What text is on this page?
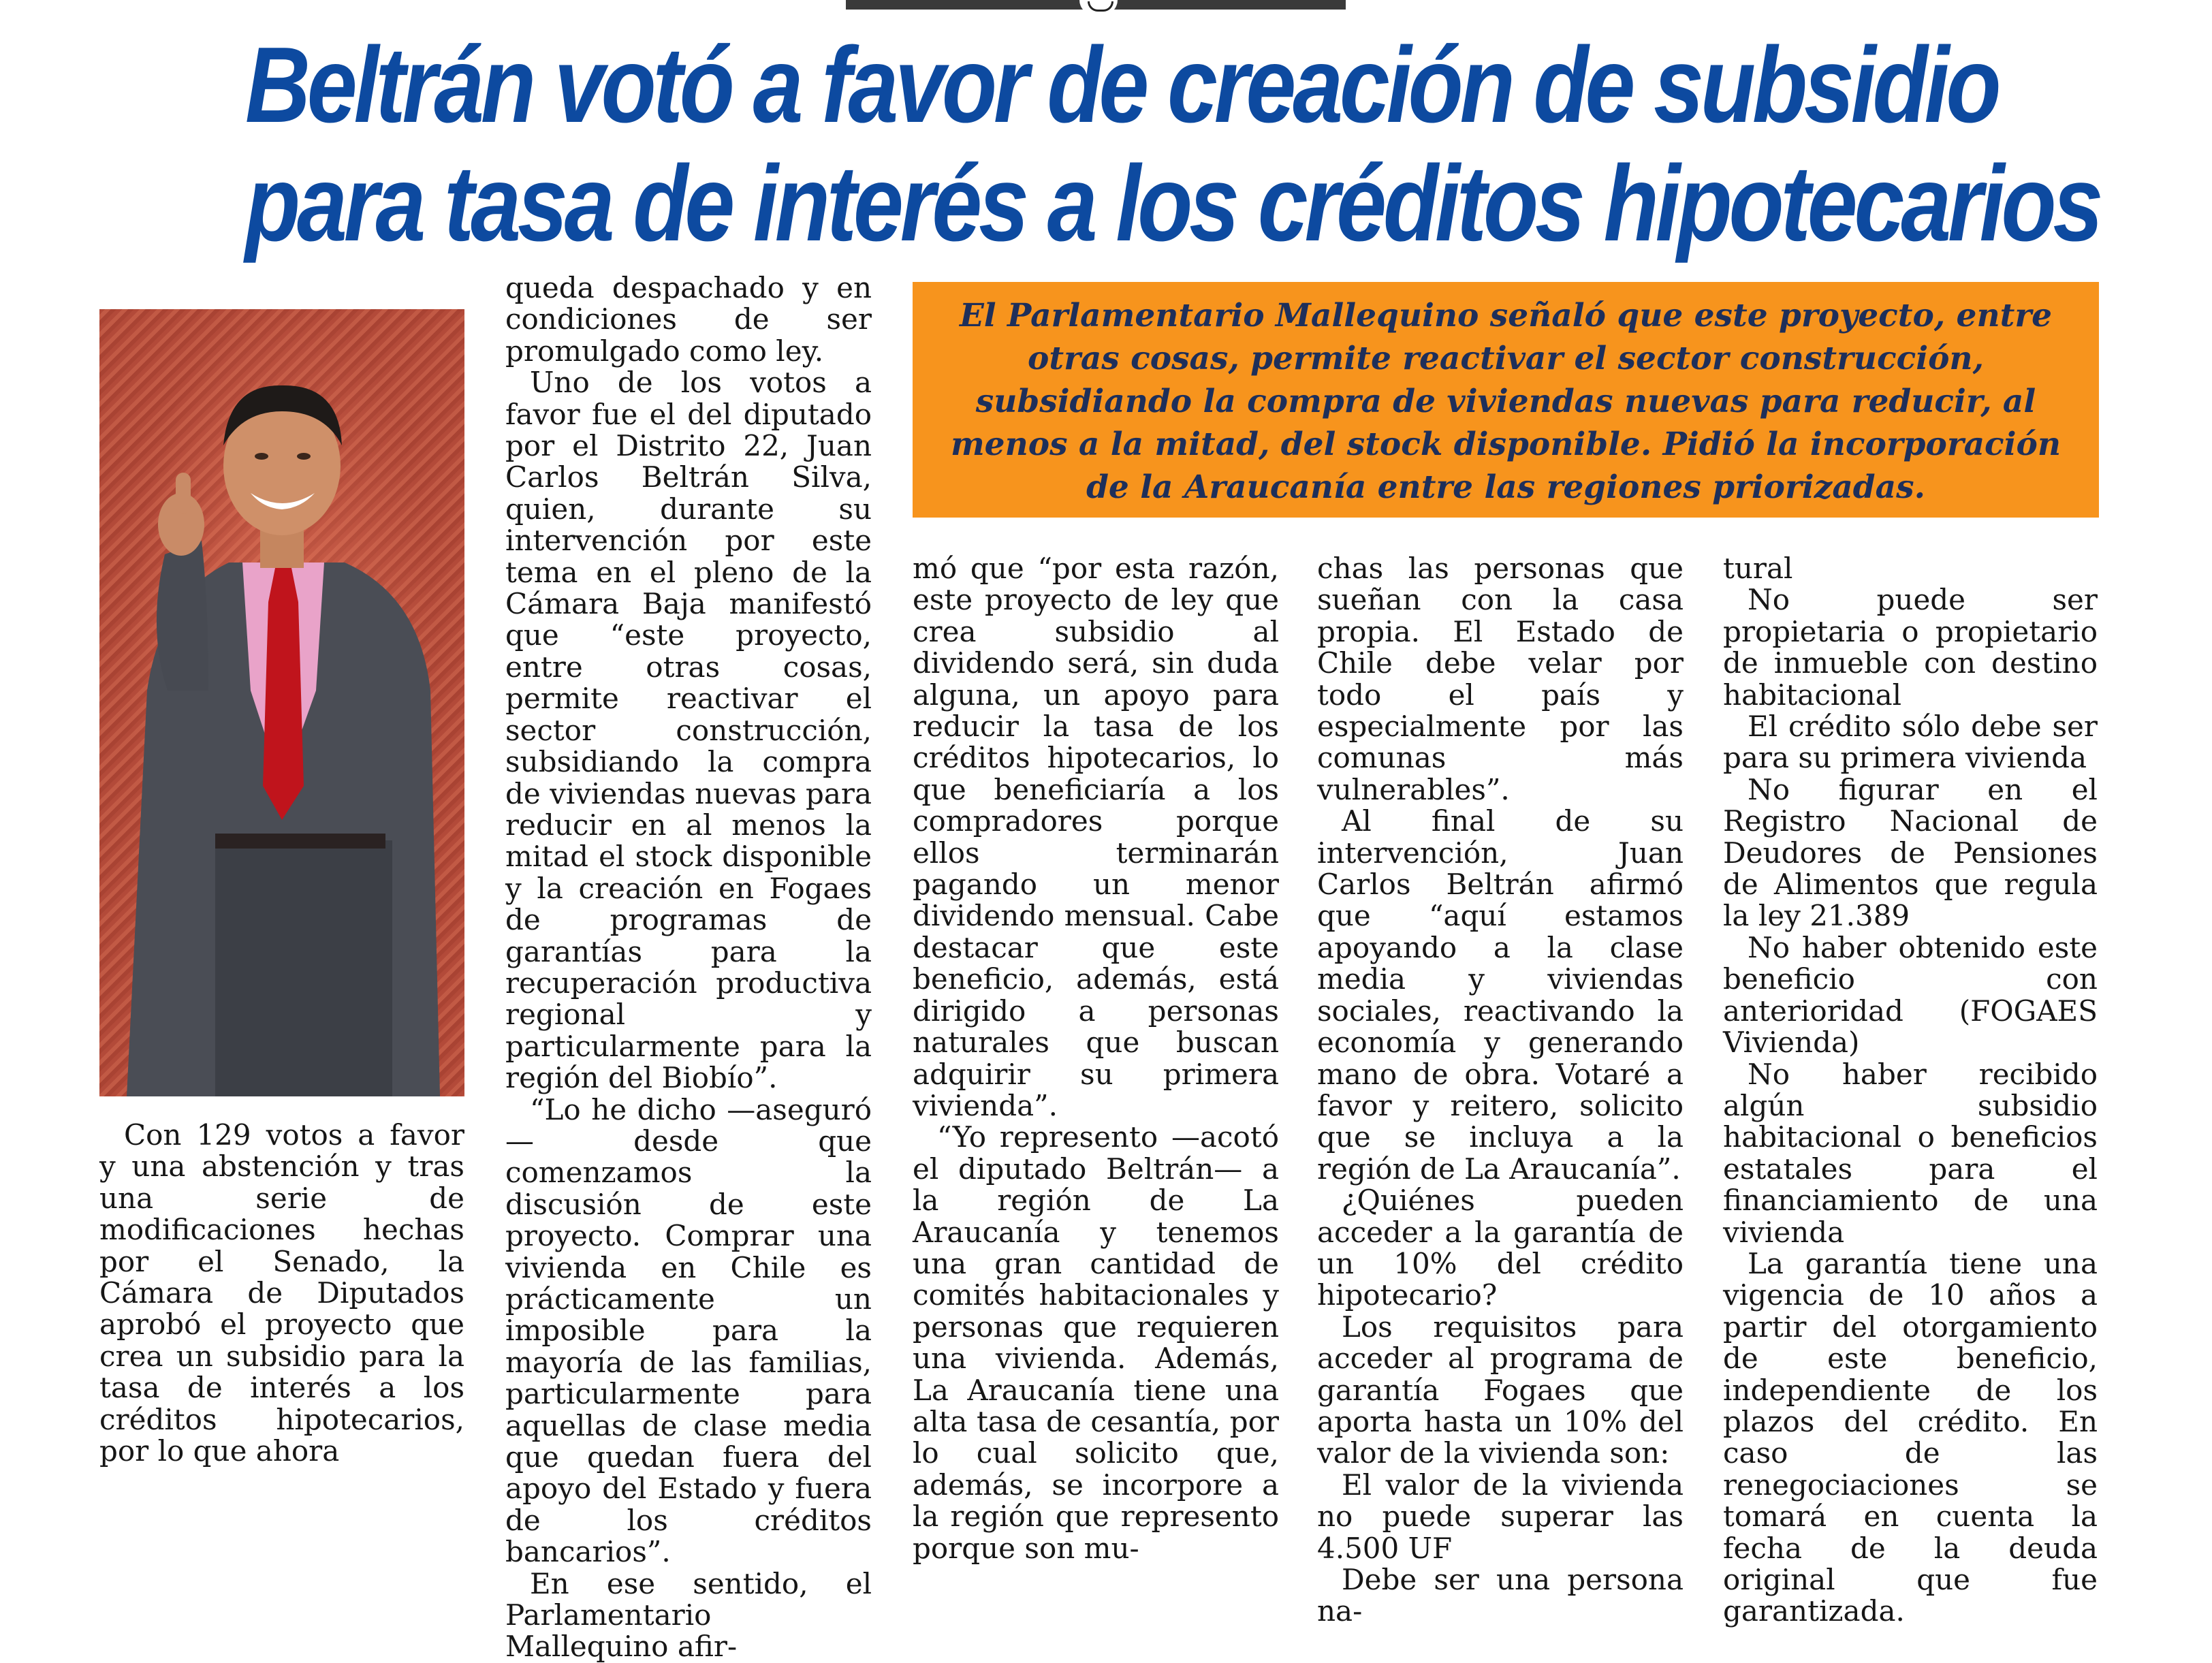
Beltrán votó a favor de creación de subsidio
para tasa de interés a los créditos hipotecarios

El Parlamentario Mallequino señaló que este proyecto, entre otras cosas, permite reactivar el sector construcción, subsidiando la compra de viviendas nuevas para reducir, al menos a la mitad, del stock disponible. Pidió la incorporación de la Araucanía entre las regiones priorizadas.

Con 129 votos a favor y una abstención y tras una serie de modificaciones hechas por el Senado, la Cámara de Diputados aprobó el proyecto que crea un subsidio para la tasa de interés a los créditos hipotecarios, por lo que ahora

queda despachado y en condiciones de ser promulgado como ley.

Uno de los votos a favor fue el del diputado por el Distrito 22, Juan Carlos Beltrán Silva, quien, durante su intervención por este tema en el pleno de la Cámara Baja manifestó que “este proyecto, entre otras cosas, permite reactivar el sector construcción, subsidiando la compra de viviendas nuevas para reducir en al menos la mitad el stock disponible y la creación en Fogaes de programas de garantías para la recuperación productiva regional y particularmente para la región del Biobío”.

“Lo he dicho —aseguró— desde que comenzamos la discusión de este proyecto. Comprar una vivienda en Chile es prácticamente un imposible para la mayoría de las familias, particularmente para aquellas de clase media que quedan fuera del apoyo del Estado y fuera de los créditos bancarios”.

En ese sentido, el Parlamentario Mallequino afir-

mó que “por esta razón, este proyecto de ley que crea subsidio al dividendo será, sin duda alguna, un apoyo para reducir la tasa de los créditos hipotecarios, lo que beneficiaría a los compradores porque ellos terminarán pagando un menor dividendo mensual. Cabe destacar que este beneficio, además, está dirigido a personas naturales que buscan adquirir su primera vivienda”.

“Yo represento —acotó el diputado Beltrán— a la región de La Araucanía y tenemos una gran cantidad de comités habitacionales y personas que requieren una vivienda. Además, La Araucanía tiene una alta tasa de cesantía, por lo cual solicito que, además, se incorpore a la región que represento porque son mu-

chas las personas que sueñan con la casa propia. El Estado de Chile debe velar por todo el país y especialmente por las comunas más vulnerables”.

Al final de su intervención, Juan Carlos Beltrán afirmó que “aquí estamos apoyando a la clase media y viviendas sociales, reactivando la economía y generando mano de obra. Votaré a favor y reitero, solicito que se incluya a la región de La Araucanía”.

¿Quiénes pueden acceder a la garantía de un 10% del crédito hipotecario?

Los requisitos para acceder al programa de garantía Fogaes que aporta hasta un 10% del valor de la vivienda son:

El valor de la vivienda no puede superar las 4.500 UF

Debe ser una persona na-

tural

No puede ser propietaria o propietario de inmueble con destino habitacional

El crédito sólo debe ser para su primera vivienda

No figurar en el Registro Nacional de Deudores de Pensiones de Alimentos que regula la ley 21.389

No haber obtenido este beneficio con anterioridad (FOGAES Vivienda)

No haber recibido algún subsidio habitacional o beneficios estatales para el financiamiento de una vivienda

La garantía tiene una vigencia de 10 años a partir del otorgamiento de este beneficio, independiente de los plazos del crédito. En caso de las renegociaciones se tomará en cuenta la fecha de la deuda original que fue garantizada.
